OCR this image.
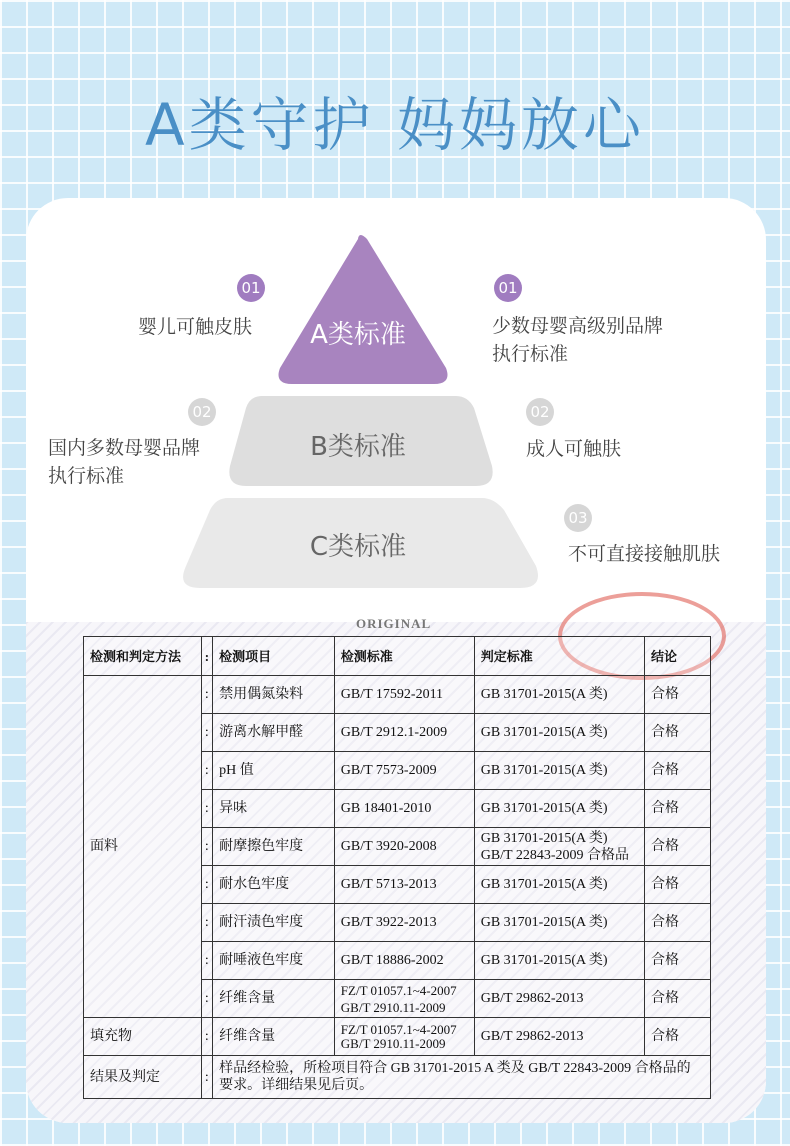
A类守护 妈妈放心
A类标准
B类标准
C类标准
01
婴儿可触皮肤
02
国内多数母婴品牌
执行标准
01
少数母婴高级别品牌
执行标准
02
成人可触肤
03
不可直接接触肌肤
ORIGINAL
检测和判定方法	:	检测项目	检测标准	判定标准	结论
面料	:	禁用偶氮染料	GB/T 17592-2011	GB 31701-2015(A 类)	合格
	:	游离水解甲醛	GB/T 2912.1-2009	GB 31701-2015(A 类)	合格
	:	pH 值	GB/T 7573-2009	GB 31701-2015(A 类)	合格
	:	异味	GB 18401-2010	GB 31701-2015(A 类)	合格
	:	耐摩擦色牢度	GB/T 3920-2008	GB 31701-2015(A 类)
GB/T 22843-2009 合格品	合格
	:	耐水色牢度	GB/T 5713-2013	GB 31701-2015(A 类)	合格
	:	耐汗渍色牢度	GB/T 3922-2013	GB 31701-2015(A 类)	合格
	:	耐唾液色牢度	GB/T 18886-2002	GB 31701-2015(A 类)	合格
	:	纤维含量	FZ/T 01057.1~4-2007
GB/T 2910.11-2009	GB/T 29862-2013	合格
填充物	:	纤维含量	FZ/T 01057.1~4-2007
GB/T 2910.11-2009	GB/T 29862-2013	合格
结果及判定	:	样品经检验，所检项目符合 GB 31701-2015 A 类及 GB/T 22843-2009 合格品的要求。详细结果见后页。			
